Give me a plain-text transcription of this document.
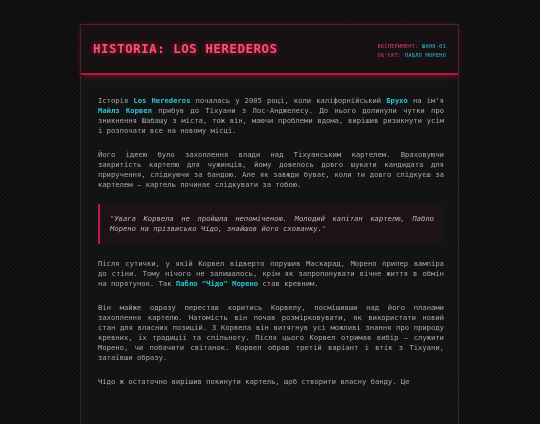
HISTORIA: LOS HEREDEROS	ЕКСПЕРИМЕНТ: ШАН0-01
ОБ'ЄКТ: ПАБЛО МОРЕНО

Історія Los Herederos почалась у 2005 році, коли каліфорнійський Брухо на ім'я Майлз Корвел прибув до Тіхуани з Лос-Анджелесу. До нього долинули чутки про зникнення Шабашу з міста, тож він, маючи проблеми вдома, вирішив ризикнути усім і розпочати все на новому місці.

Його ідеєю було захоплення влади над Тіхуанським картелем. Враховуючи закритість картелю для чужинців, йому довелось довго шукати кандидата для приручення, слідкуючи за бандою. Але як завжди буває, коли ти довго слідкуєш за картелем — картель починає слідкувати за тобою.

"Увага Корвела не пройшла непоміченою. Молодий капітан картелю, Пабло Морено на прізвисько Чідо, знайшов його схованку."

Після сутички, у якій Корвел відверто порушив Маскарад, Морено припер вампіра до стіни. Тому нічого не залишалось, крім як запропонувати вічне життя в обмін на порятунок. Так Пабло "Чідо" Морено став кревним.

Він майже одразу перестав коритись Корвелу, посмішивши над його планами захоплення картелю. Натомість він почав розмірковувати, як використати новий стан для власних позицій. З Корвела він витягнув усі можливі знання про природу кревних, їх традиції та спільноту. Після цього Корвел отримав вибір — служити Морено, чи побачити світанок. Корвел обрав третій варіант і втік з Тіхуани, затаївши образу.

Чідо ж остаточно вирішив покинути картель, щоб створити власну банду. Це
